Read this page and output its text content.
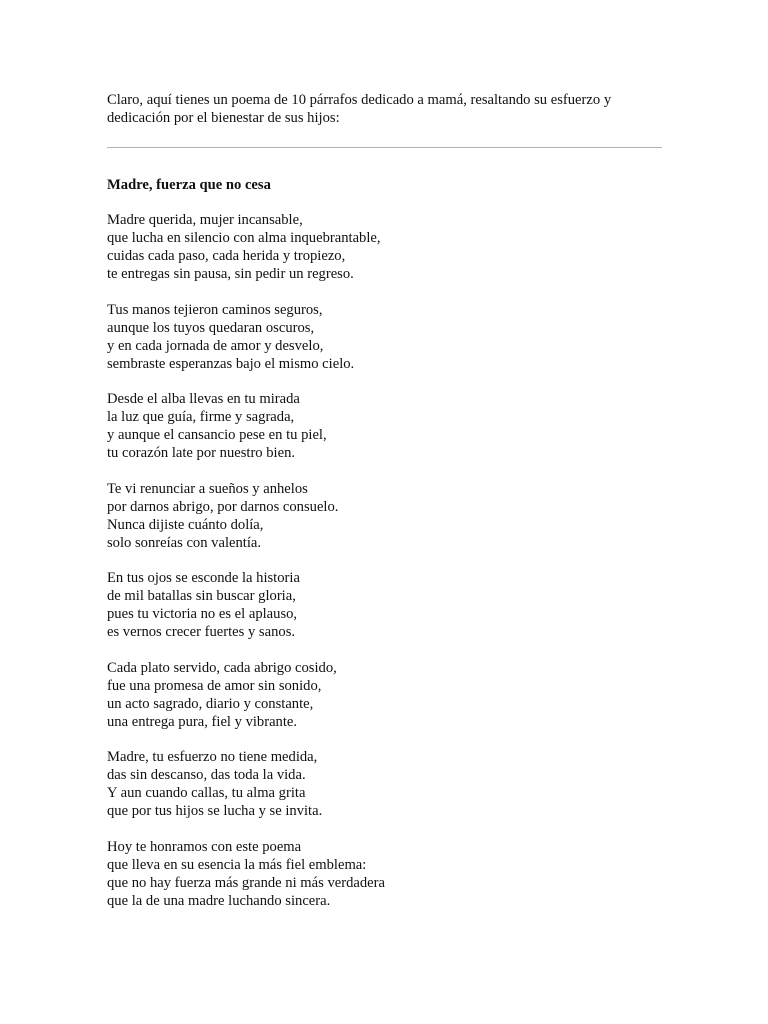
Claro, aquí tienes un poema de 10 párrafos dedicado a mamá, resaltando su esfuerzo y
dedicación por el bienestar de sus hijos:

Madre, fuerza que no cesa

Madre querida, mujer incansable,
que lucha en silencio con alma inquebrantable,
cuidas cada paso, cada herida y tropiezo,
te entregas sin pausa, sin pedir un regreso.

Tus manos tejieron caminos seguros,
aunque los tuyos quedaran oscuros,
y en cada jornada de amor y desvelo,
sembraste esperanzas bajo el mismo cielo.

Desde el alba llevas en tu mirada
la luz que guía, firme y sagrada,
y aunque el cansancio pese en tu piel,
tu corazón late por nuestro bien.

Te vi renunciar a sueños y anhelos
por darnos abrigo, por darnos consuelo.
Nunca dijiste cuánto dolía,
solo sonreías con valentía.

En tus ojos se esconde la historia
de mil batallas sin buscar gloria,
pues tu victoria no es el aplauso,
es vernos crecer fuertes y sanos.

Cada plato servido, cada abrigo cosido,
fue una promesa de amor sin sonido,
un acto sagrado, diario y constante,
una entrega pura, fiel y vibrante.

Madre, tu esfuerzo no tiene medida,
das sin descanso, das toda la vida.
Y aun cuando callas, tu alma grita
que por tus hijos se lucha y se invita.

Hoy te honramos con este poema
que lleva en su esencia la más fiel emblema:
que no hay fuerza más grande ni más verdadera
que la de una madre luchando sincera.
